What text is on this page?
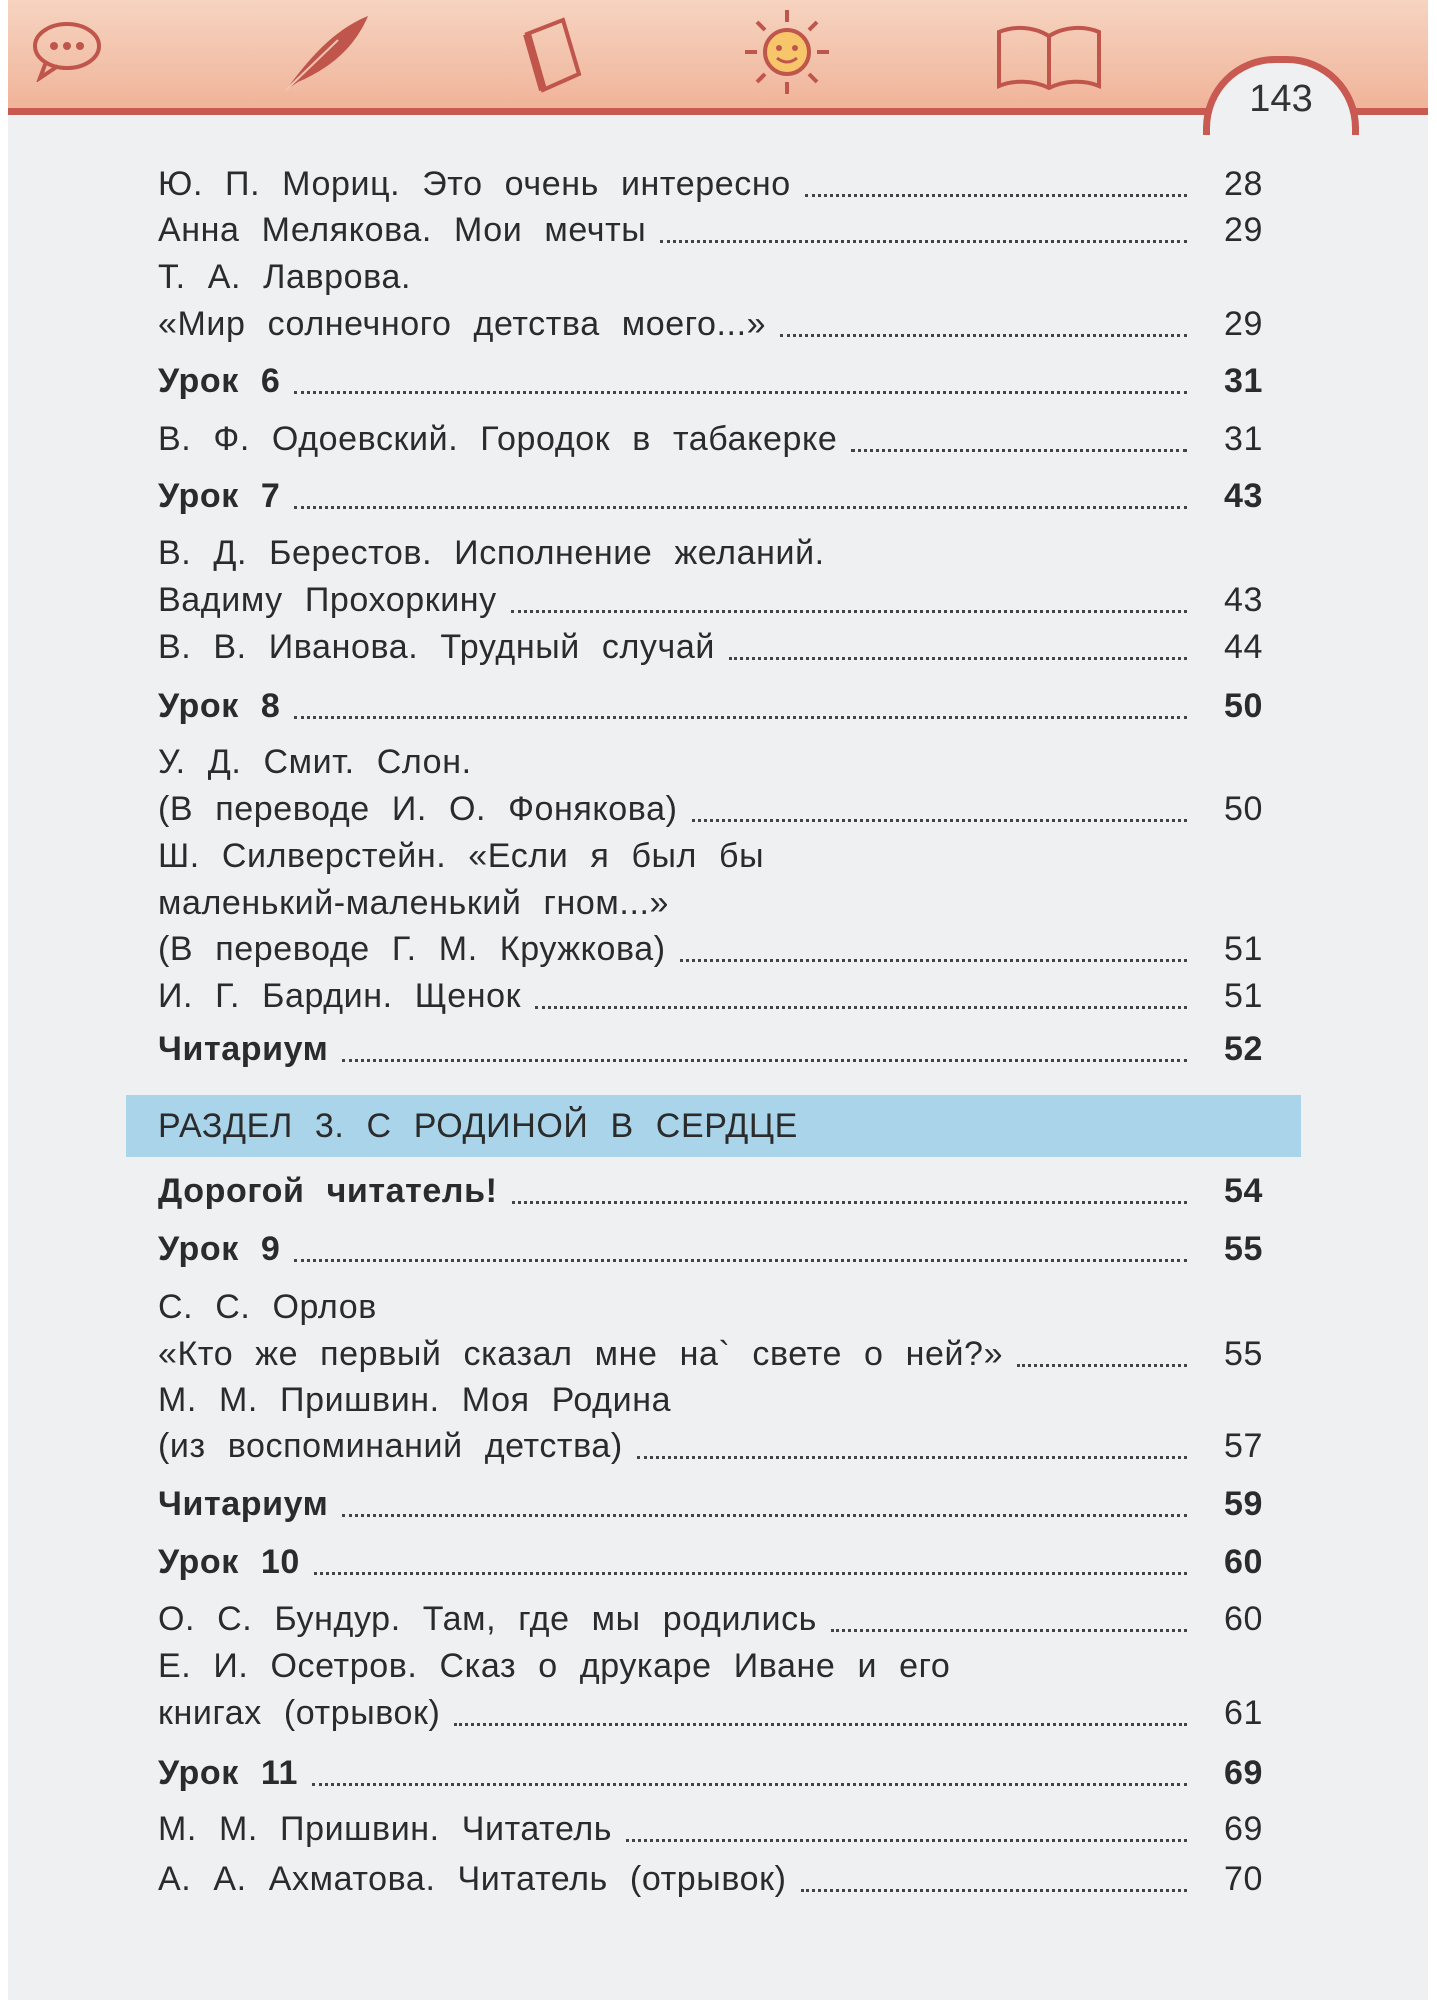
143
РАЗДЕЛ 3. С РОДИНОЙ В СЕРДЦЕ
Ю. П. Мориц. Это очень интересно	28
Анна Мелякова. Мои мечты	29
Т. А. Лаврова.
«Мир солнечного детства моего...»	29
Урок 6	31
В. Ф. Одоевский. Городок в табакерке	31
Урок 7	43
В. Д. Берестов. Исполнение желаний.
Вадиму Прохоркину	43
В. В. Иванова. Трудный случай	44
Урок 8	50
У. Д. Смит. Слон.
(В переводе И. О. Фонякова)	50
Ш. Силверстейн. «Если я был бы
маленький-маленький гном...»
(В переводе Г. М. Кружкова)	51
И. Г. Бардин. Щенок	51
Читариум	52
Дорогой читатель!	54
Урок 9	55
С. С. Орлов
«Кто же первый сказал мне на` свете о ней?»	55
М. М. Пришвин. Моя Родина
(из воспоминаний детства)	57
Читариум	59
Урок 10	60
О. С. Бундур. Там, где мы родились	60
Е. И. Осетров. Сказ о друкаре Иване и его
книгах (отрывок)	61
Урок 11	69
М. М. Пришвин. Читатель	69
А. А. Ахматова. Читатель (отрывок)	70
